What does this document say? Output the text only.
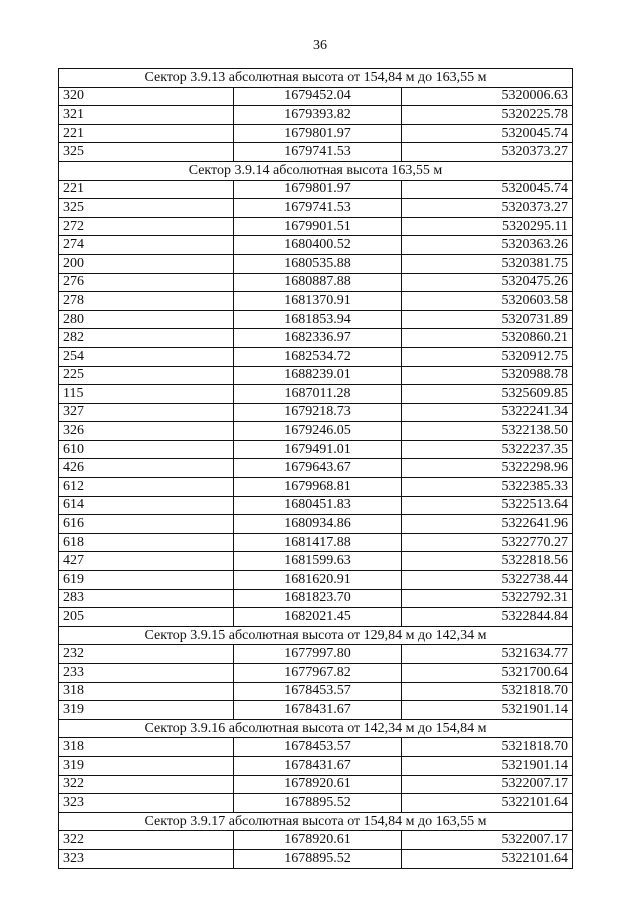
36
Сектор 3.9.13 абсолютная высота от 154,84 м до 163,55 м		
320	1679452.04	5320006.63
321	1679393.82	5320225.78
221	1679801.97	5320045.74
325	1679741.53	5320373.27
Сектор 3.9.14 абсолютная высота 163,55 м		
221	1679801.97	5320045.74
325	1679741.53	5320373.27
272	1679901.51	5320295.11
274	1680400.52	5320363.26
200	1680535.88	5320381.75
276	1680887.88	5320475.26
278	1681370.91	5320603.58
280	1681853.94	5320731.89
282	1682336.97	5320860.21
254	1682534.72	5320912.75
225	1688239.01	5320988.78
115	1687011.28	5325609.85
327	1679218.73	5322241.34
326	1679246.05	5322138.50
610	1679491.01	5322237.35
426	1679643.67	5322298.96
612	1679968.81	5322385.33
614	1680451.83	5322513.64
616	1680934.86	5322641.96
618	1681417.88	5322770.27
427	1681599.63	5322818.56
619	1681620.91	5322738.44
283	1681823.70	5322792.31
205	1682021.45	5322844.84
Сектор 3.9.15 абсолютная высота от 129,84 м до 142,34 м		
232	1677997.80	5321634.77
233	1677967.82	5321700.64
318	1678453.57	5321818.70
319	1678431.67	5321901.14
Сектор 3.9.16 абсолютная высота от 142,34 м до 154,84 м		
318	1678453.57	5321818.70
319	1678431.67	5321901.14
322	1678920.61	5322007.17
323	1678895.52	5322101.64
Сектор 3.9.17 абсолютная высота от 154,84 м до 163,55 м		
322	1678920.61	5322007.17
323	1678895.52	5322101.64
